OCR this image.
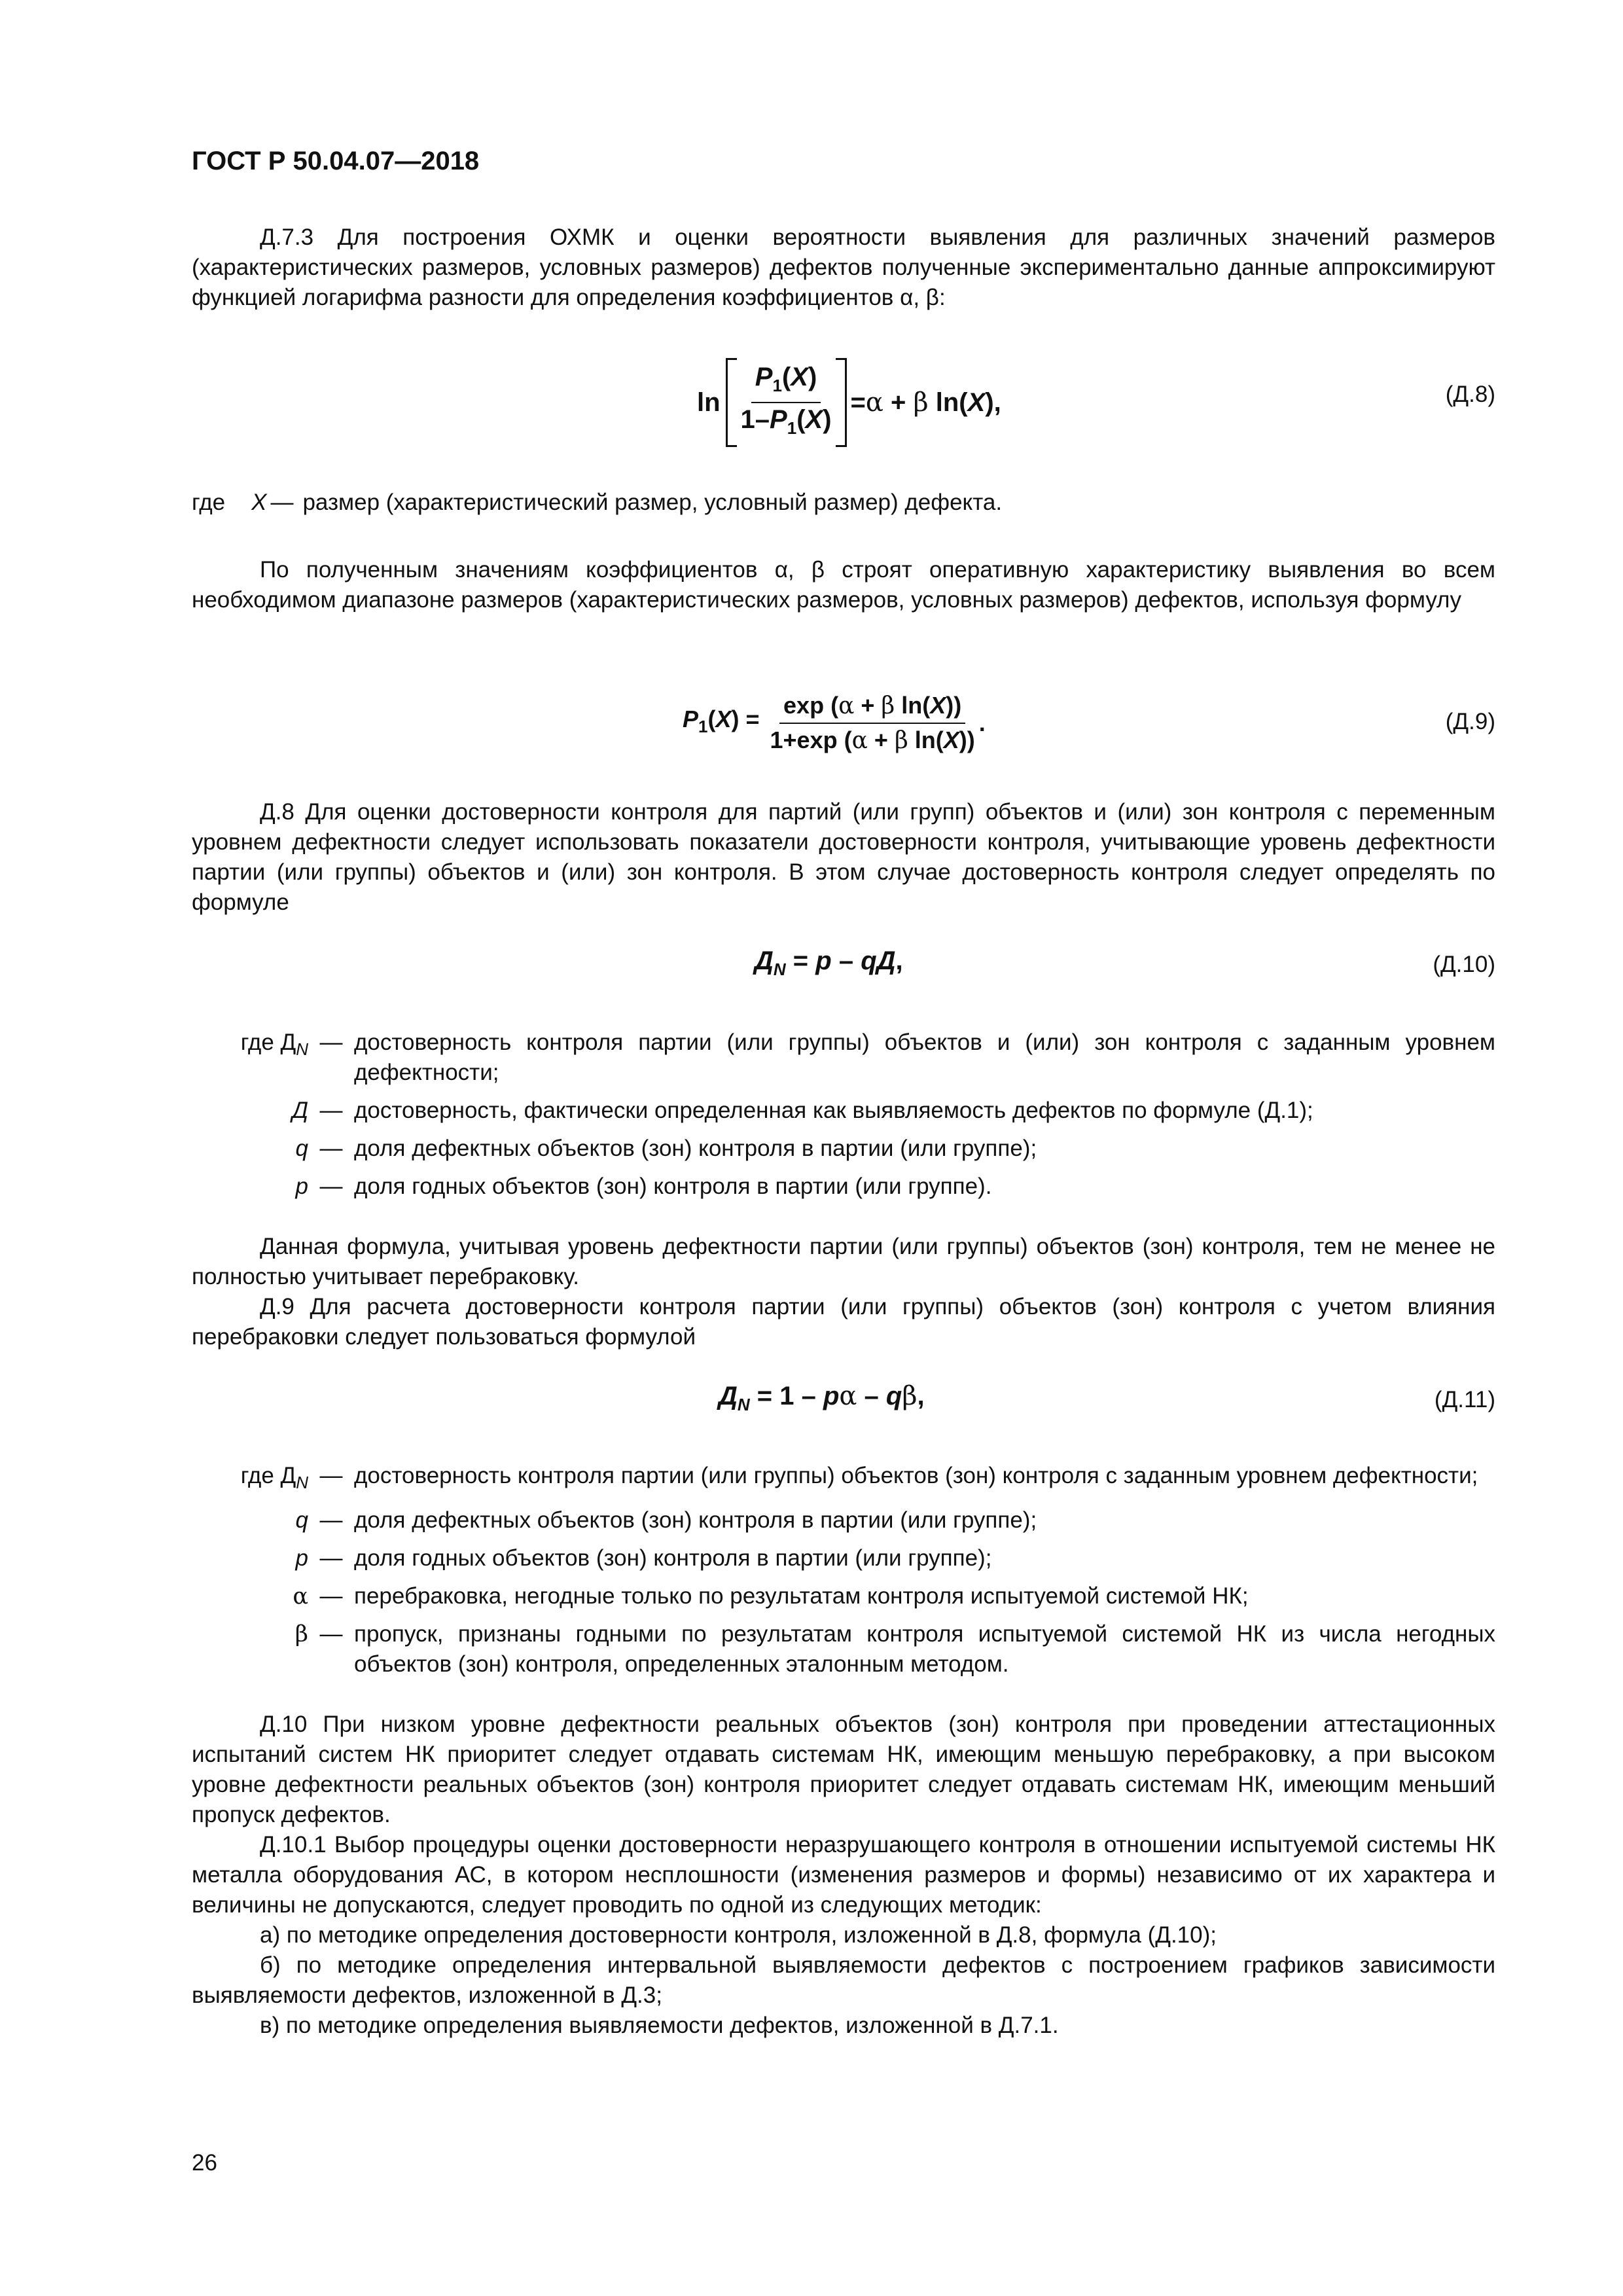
ГОСТ Р 50.04.07—2018

Д.7.3 Для построения ОХМК и оценки вероятности выявления для различных значений размеров (характеристических размеров, условных размеров) дефектов полученные экспериментально данные аппроксимируют функцией логарифма разности для определения коэффициентов α, β:

$\ln \frac{P_1(X)}{1-P_1(X)} =\alpha + \beta$ ln(X),	(Д.8)
где X — размер (характеристический размер, условный размер) дефекта.

По полученным значениям коэффициентов α, β строят оперативную характеристику выявления во всем необходимом диапазоне размеров (характеристических размеров, условных размеров) дефектов, используя формулу

$P_1(X) = \frac{\text{exp (α + β ln(X))}}{\text{1+exp (α + β ln(X))}}$ .	(Д.9)

Д.8 Для оценки достоверности контроля для партий (или групп) объектов и (или) зон контроля с переменным уровнем дефектности следует использовать показатели достоверности контроля, учитывающие уровень дефектности партии (или группы) объектов и (или) зон контроля. В этом случае достоверность контроля следует определять по формуле

$Д_N = p$ – qД,	(Д.10)
где $Д_N$ — достоверность контроля партии (или группы) объектов и (или) зон контроля с заданным уровнем дефектности;
Д — достоверность, фактически определенная как выявляемость дефектов по формуле (Д.1);
q — доля дефектных объектов (зон) контроля в партии (или группе);
p — доля годных объектов (зон) контроля в партии (или группе).

Данная формула, учитывая уровень дефектности партии (или группы) объектов (зон) контроля, тем не менее не полностью учитывает перебраковку.

Д.9 Для расчета достоверности контроля партии (или группы) объектов (зон) контроля с учетом влияния перебраковки следует пользоваться формулой

$Д_N = 1 - p\alpha - q\beta$,	(Д.11)
где $Д_N$ — достоверность контроля партии (или группы) объектов (зон) контроля с заданным уровнем дефектности;
q — доля дефектных объектов (зон) контроля в партии (или группе);
p — доля годных объектов (зон) контроля в партии (или группе);
α — перебраковка, негодные только по результатам контроля испытуемой системой НК;
β — пропуск, признаны годными по результатам контроля испытуемой системой НК из числа негодных объектов (зон) контроля, определенных эталонным методом.

Д.10 При низком уровне дефектности реальных объектов (зон) контроля при проведении аттестационных испытаний систем НК приоритет следует отдавать системам НК, имеющим меньшую перебраковку, а при высоком уровне дефектности реальных объектов (зон) контроля приоритет следует отдавать системам НК, имеющим меньший пропуск дефектов.

Д.10.1 Выбор процедуры оценки достоверности неразрушающего контроля в отношении испытуемой системы НК металла оборудования АС, в котором несплошности (изменения размеров и формы) независимо от их характера и величины не допускаются, следует проводить по одной из следующих методик:

а) по методике определения достоверности контроля, изложенной в Д.8, формула (Д.10);

б) по методике определения интервальной выявляемости дефектов с построением графиков зависимости выявляемости дефектов, изложенной в Д.3;

в) по методике определения выявляемости дефектов, изложенной в Д.7.1.

26
